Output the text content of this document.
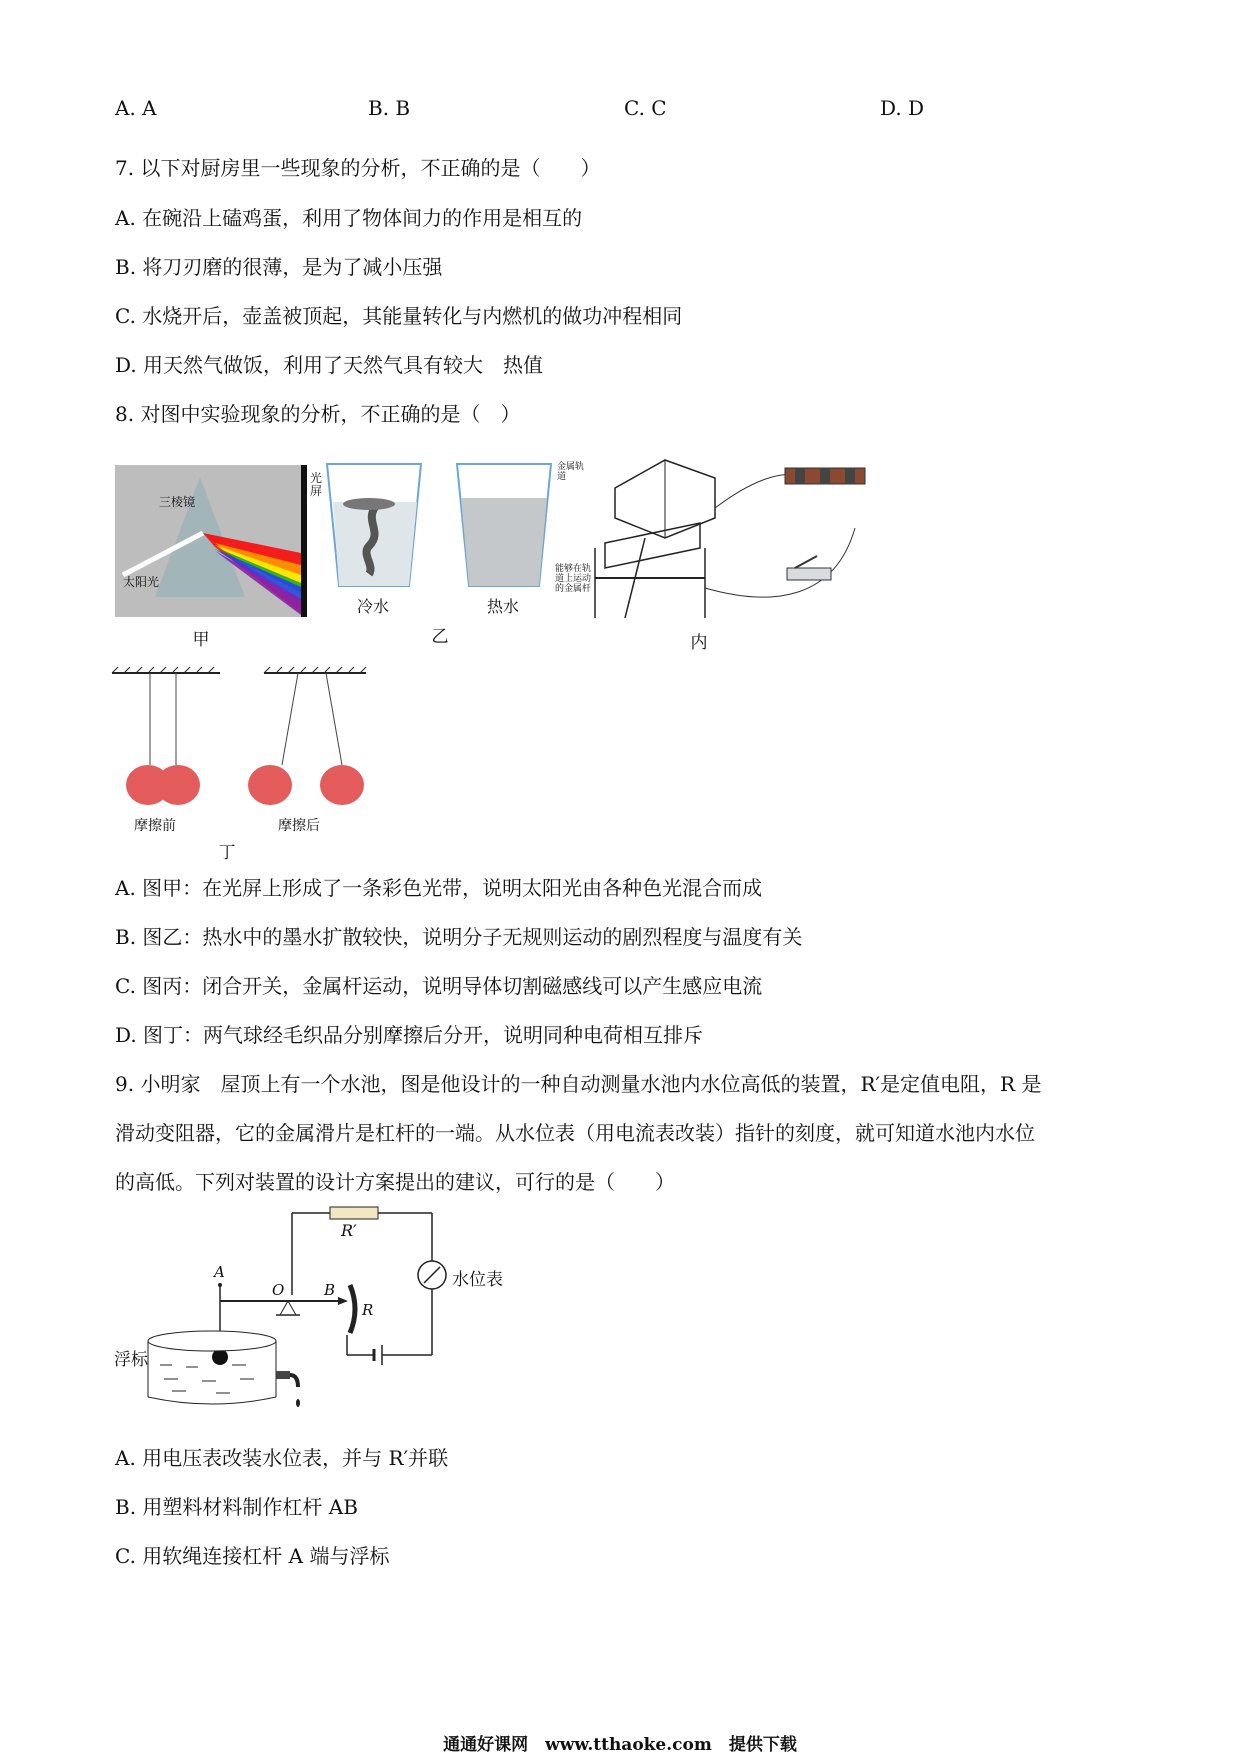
A. A	B. B	C. C	D. D
7. 以下对厨房里一些现象的分析，不正确的是（　　）
A. 在碗沿上磕鸡蛋，利用了物体间力的作用是相互的
B. 将刀刃磨的很薄，是为了减小压强
C. 水烧开后，壶盖被顶起，其能量转化与内燃机的做功冲程相同
D. 用天然气做饭，利用了天然气具有较大　热值
8. 对图中实验现象的分析，不正确的是（　）
三棱镜
太阳光
光屏
甲
冷水	热水
乙
金属轨道
能够在轨道上运动的金属杆
内
摩擦前	摩擦后
丁
A. 图甲：在光屏上形成了一条彩色光带，说明太阳光由各种色光混合而成
B. 图乙：热水中的墨水扩散较快，说明分子无规则运动的剧烈程度与温度有关
C. 图丙：闭合开关，金属杆运动，说明导体切割磁感线可以产生感应电流
D. 图丁：两气球经毛织品分别摩擦后分开，说明同种电荷相互排斥
9. 小明家　屋顶上有一个水池，图是他设计的一种自动测量水池内水位高低的装置，R′是定值电阻，R 是
滑动变阻器，它的金属滑片是杠杆的一端。从水位表（用电流表改装）指针的刻度，就可知道水池内水位
的高低。下列对装置的设计方案提出的建议，可行的是（　　）
R′
水位表
A
O	B
R
浮标
A. 用电压表改装水位表，并与 R′并联
B. 用塑料材料制作杠杆 AB
C. 用软绳连接杠杆 A 端与浮标
通通好课网　www.tthaoke.com　提供下载
